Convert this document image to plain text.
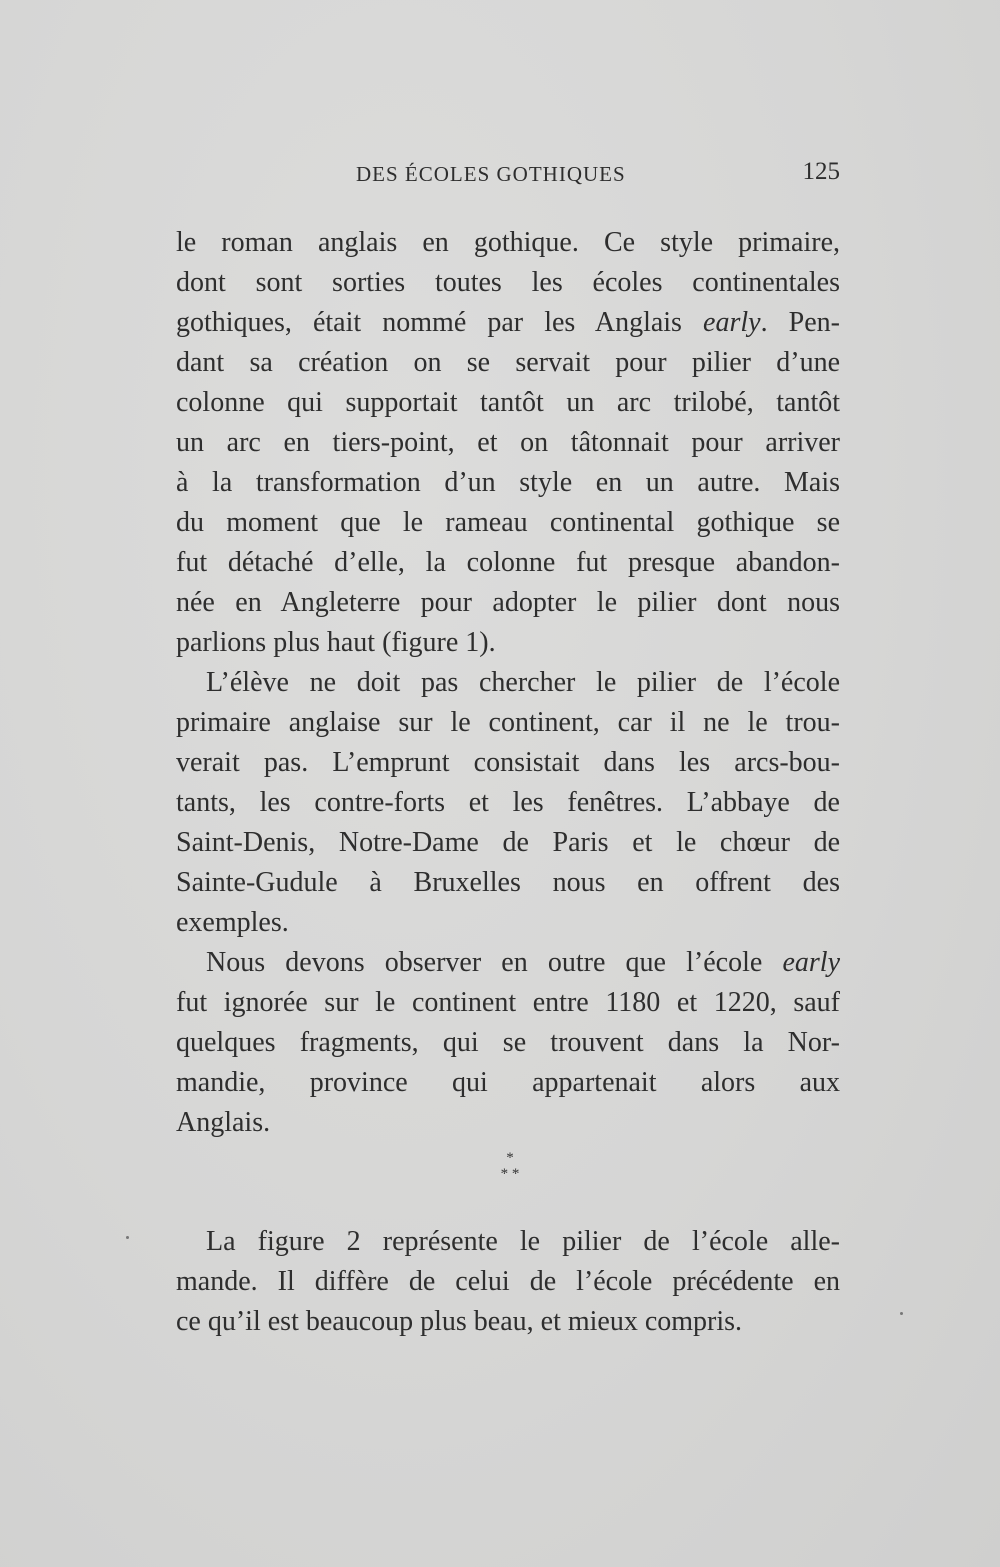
DES ÉCOLES GOTHIQUES	125
le roman anglais en gothique. Ce style primaire,
dont sont sorties toutes les écoles continentales
gothiques, était nommé par les Anglais early. Pen-
dant sa création on se servait pour pilier d’une
colonne qui supportait tantôt un arc trilobé, tantôt
un arc en tiers-point, et on tâtonnait pour arriver
à la transformation d’un style en un autre. Mais
du moment que le rameau continental gothique se
fut détaché d’elle, la colonne fut presque abandon-
née en Angleterre pour adopter le pilier dont nous
parlions plus haut (figure 1).
L’élève ne doit pas chercher le pilier de l’école
primaire anglaise sur le continent, car il ne le trou-
verait pas. L’emprunt consistait dans les arcs-bou-
tants, les contre-forts et les fenêtres. L’abbaye de
Saint-Denis, Notre-Dame de Paris et le chœur de
Sainte-Gudule à Bruxelles nous en offrent des
exemples.
Nous devons observer en outre que l’école early
fut ignorée sur le continent entre 1180 et 1220, sauf
quelques fragments, qui se trouvent dans la Nor-
mandie, province qui appartenait alors aux
Anglais.
*
* *
La figure 2 représente le pilier de l’école alle-
mande. Il diffère de celui de l’école précédente en
ce qu’il est beaucoup plus beau, et mieux compris.
